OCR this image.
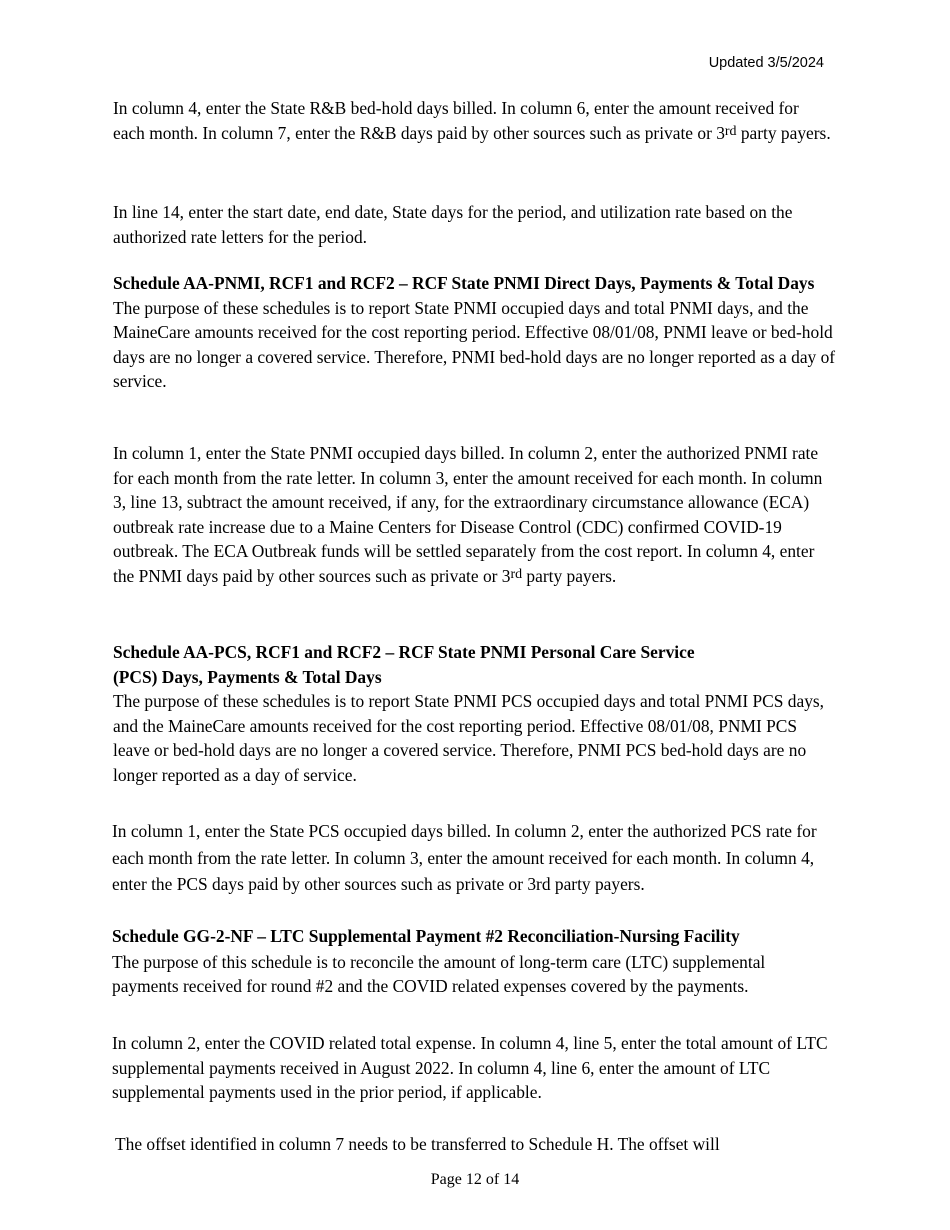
Updated 3/5/2024

In column 4, enter the State R&B bed-hold days billed. In column 6, enter the amount received for each month. In column 7, enter the R&B days paid by other sources such as private or 3rd party payers.

In line 14, enter the start date, end date, State days for the period, and utilization rate based on the authorized rate letters for the period.

Schedule AA-PNMI, RCF1 and RCF2 – RCF State PNMI Direct Days, Payments & Total Days
The purpose of these schedules is to report State PNMI occupied days and total PNMI days, and the MaineCare amounts received for the cost reporting period. Effective 08/01/08, PNMI leave or bed-hold days are no longer a covered service. Therefore, PNMI bed-hold days are no longer reported as a day of service.

In column 1, enter the State PNMI occupied days billed. In column 2, enter the authorized PNMI rate for each month from the rate letter. In column 3, enter the amount received for each month. In column 3, line 13, subtract the amount received, if any, for the extraordinary circumstance allowance (ECA) outbreak rate increase due to a Maine Centers for Disease Control (CDC) confirmed COVID-19 outbreak. The ECA Outbreak funds will be settled separately from the cost report. In column 4, enter the PNMI days paid by other sources such as private or 3rd party payers.

Schedule AA-PCS, RCF1 and RCF2 – RCF State PNMI Personal Care Service
(PCS) Days, Payments & Total Days
The purpose of these schedules is to report State PNMI PCS occupied days and total PNMI PCS days, and the MaineCare amounts received for the cost reporting period. Effective 08/01/08, PNMI PCS leave or bed-hold days are no longer a covered service. Therefore, PNMI PCS bed-hold days are no longer reported as a day of service.

In column 1, enter the State PCS occupied days billed. In column 2, enter the authorized PCS rate for each month from the rate letter. In column 3, enter the amount received for each month. In column 4, enter the PCS days paid by other sources such as private or 3rd party payers.

Schedule GG-2-NF – LTC Supplemental Payment #2 Reconciliation-Nursing Facility
The purpose of this schedule is to reconcile the amount of long-term care (LTC) supplemental payments received for round #2 and the COVID related expenses covered by the payments.

In column 2, enter the COVID related total expense. In column 4, line 5, enter the total amount of LTC supplemental payments received in August 2022. In column 4, line 6, enter the amount of LTC supplemental payments used in the prior period, if applicable.

The offset identified in column 7 needs to be transferred to Schedule H. The offset will

Page 12 of 14
